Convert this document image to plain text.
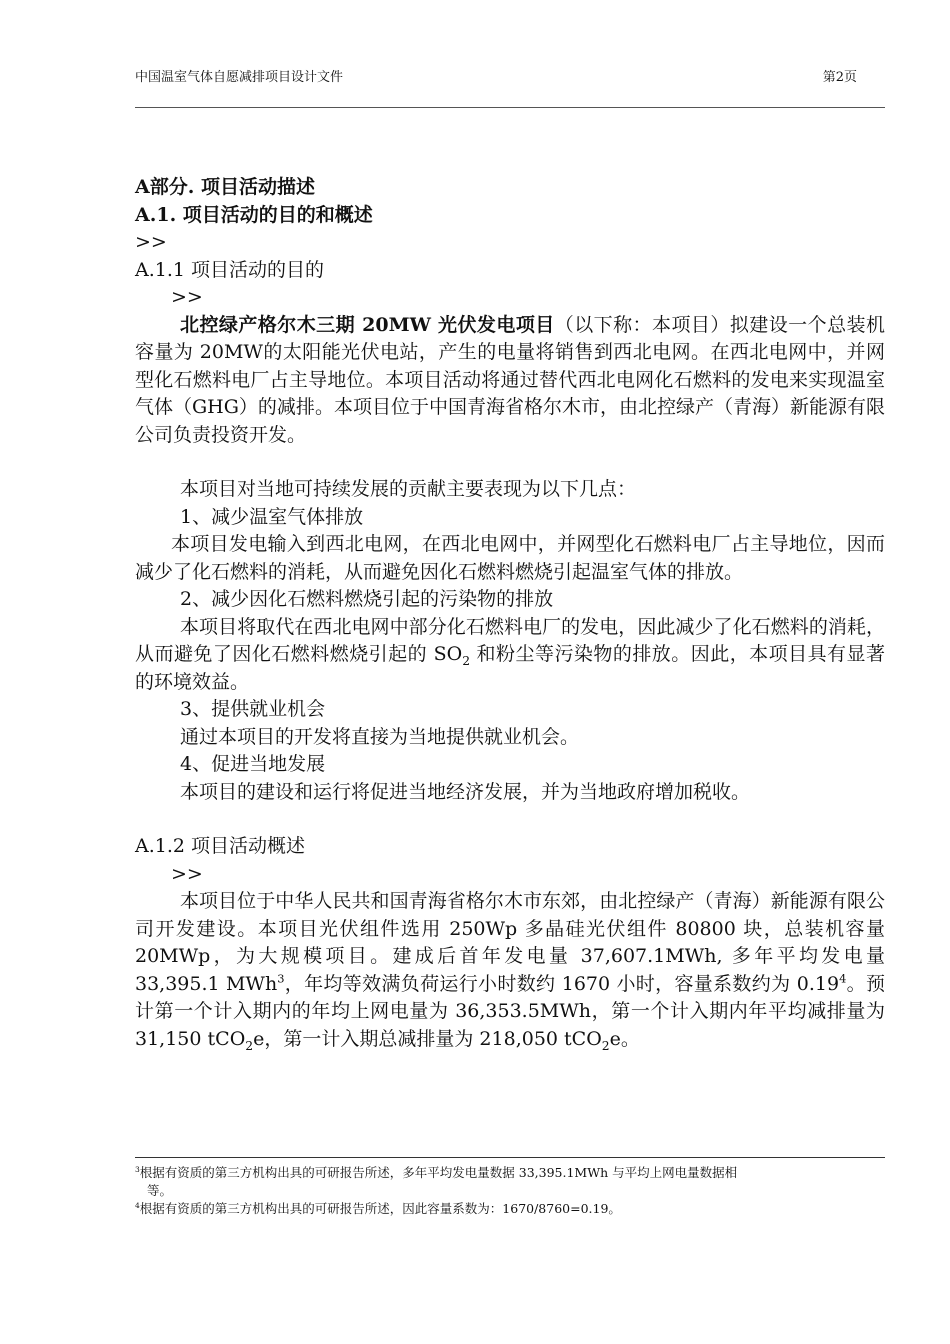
中国温室气体自愿减排项目设计文件	第2页

A部分. 项目活动描述

A.1. 项目活动的目的和概述

>>

A.1.1 项目活动的目的

>>

北控绿产格尔木三期 20MW 光伏发电项目（以下称：本项目）拟建设一个总装机容量为 20MW的太阳能光伏电站，产生的电量将销售到西北电网。在西北电网中，并网型化石燃料电厂占主导地位。本项目活动将通过替代西北电网化石燃料的发电来实现温室气体（GHG）的减排。本项目位于中国青海省格尔木市，由北控绿产（青海）新能源有限公司负责投资开发。

本项目对当地可持续发展的贡献主要表现为以下几点：

1、减少温室气体排放

本项目发电输入到西北电网，在西北电网中，并网型化石燃料电厂占主导地位，因而减少了化石燃料的消耗，从而避免因化石燃料燃烧引起温室气体的排放。

2、减少因化石燃料燃烧引起的污染物的排放

本项目将取代在西北电网中部分化石燃料电厂的发电，因此减少了化石燃料的消耗，从而避免了因化石燃料燃烧引起的 $SO_2$ 和粉尘等污染物的排放。因此，本项目具有显著的环境效益。

3、提供就业机会

通过本项目的开发将直接为当地提供就业机会。

4、促进当地发展

本项目的建设和运行将促进当地经济发展，并为当地政府增加税收。

A.1.2 项目活动概述

>>

本项目位于中华人民共和国青海省格尔木市东郊，由北控绿产（青海）新能源有限公司开发建设。本项目光伏组件选用 250Wp 多晶硅光伏组件 80800 块，总装机容量 20MWp，为大规模项目。建成后首年发电量 37,607.1MWh, 多年平均发电量 33,395.1 MWh$^3$，年均等效满负荷运行小时数约 1670 小时，容量系数约为 0.19$^4$。预计第一个计入期内的年均上网电量为 36,353.5MWh，第一个计入期内年平均减排量为 31,150 tCO$_2$e，第一计入期总减排量为 218,050 tCO$_2$e。

$^3$根据有资质的第三方机构出具的可研报告所述，多年平均发电量数据 33,395.1MWh 与平均上网电量数据相

等。

$^4$根据有资质的第三方机构出具的可研报告所述，因此容量系数为：1670/8760=0.19。
